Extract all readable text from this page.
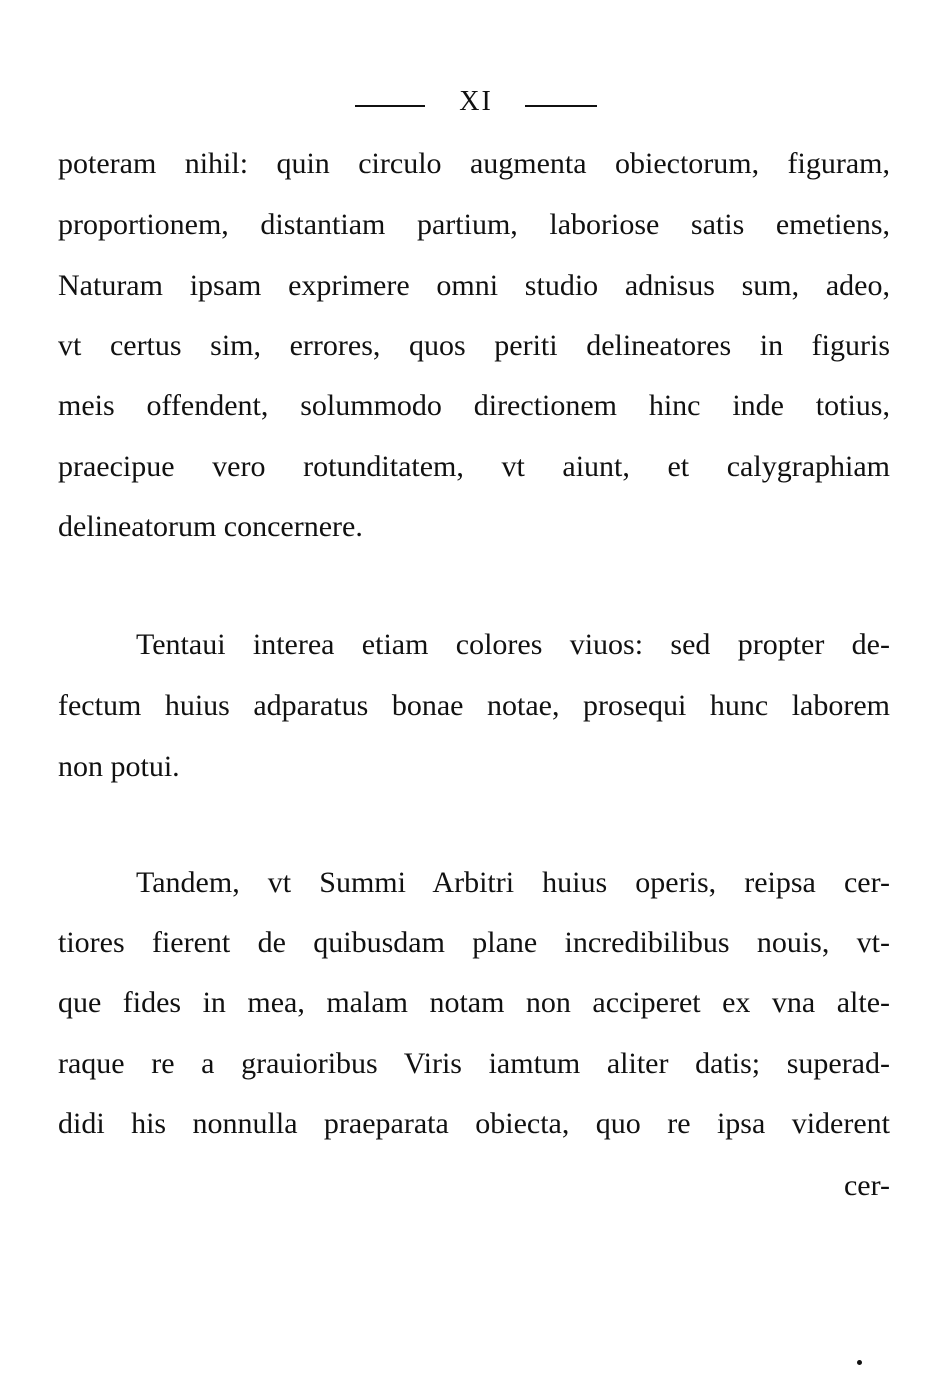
XI
poteram nihil: quin circulo augmenta obiectorum, figuram,
proportionem, distantiam partium, laboriose satis emetiens,
Naturam ipsam exprimere omni studio adnisus sum, adeo,
vt certus sim, errores, quos periti delineatores in figuris
meis offendent, solummodo directionem hinc inde totius,
praecipue vero rotunditatem, vt aiunt, et calygraphiam
delineatorum concernere.
Tentaui interea etiam colores viuos: sed propter de-
fectum huius adparatus bonae notae, prosequi hunc laborem
non potui.
Tandem, vt Summi Arbitri huius operis, reipsa cer-
tiores fierent de quibusdam plane incredibilibus nouis, vt-
que fides in mea, malam notam non acciperet ex vna alte-
raque re a grauioribus Viris iamtum aliter datis; superad-
didi his nonnulla praeparata obiecta, quo re ipsa viderent
cer-
